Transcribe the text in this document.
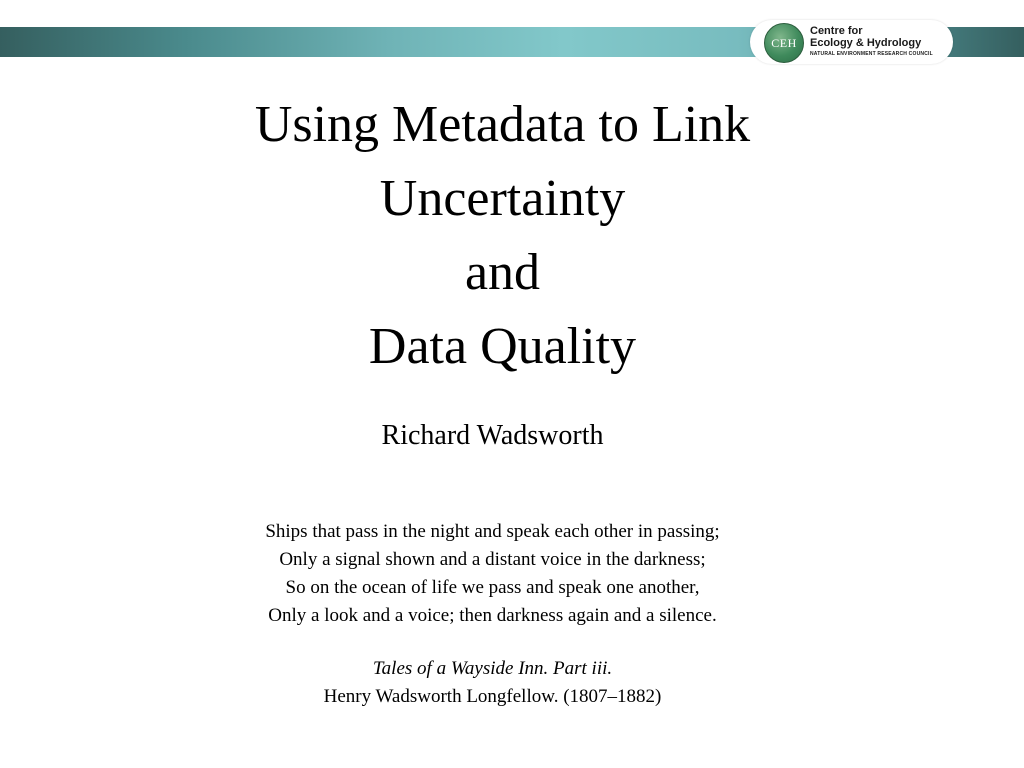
CEH
Centre for
Ecology & Hydrology
NATURAL ENVIRONMENT RESEARCH COUNCIL
Using Metadata to Link
Uncertainty
and
Data Quality
Richard Wadsworth
Ships that pass in the night and speak each other in passing;
Only a signal shown and a distant voice in the darkness;
So on the ocean of life we pass and speak one another,
Only a look and a voice; then darkness again and a silence.
Tales of a Wayside Inn. Part iii.
Henry Wadsworth Longfellow. (1807–1882)
